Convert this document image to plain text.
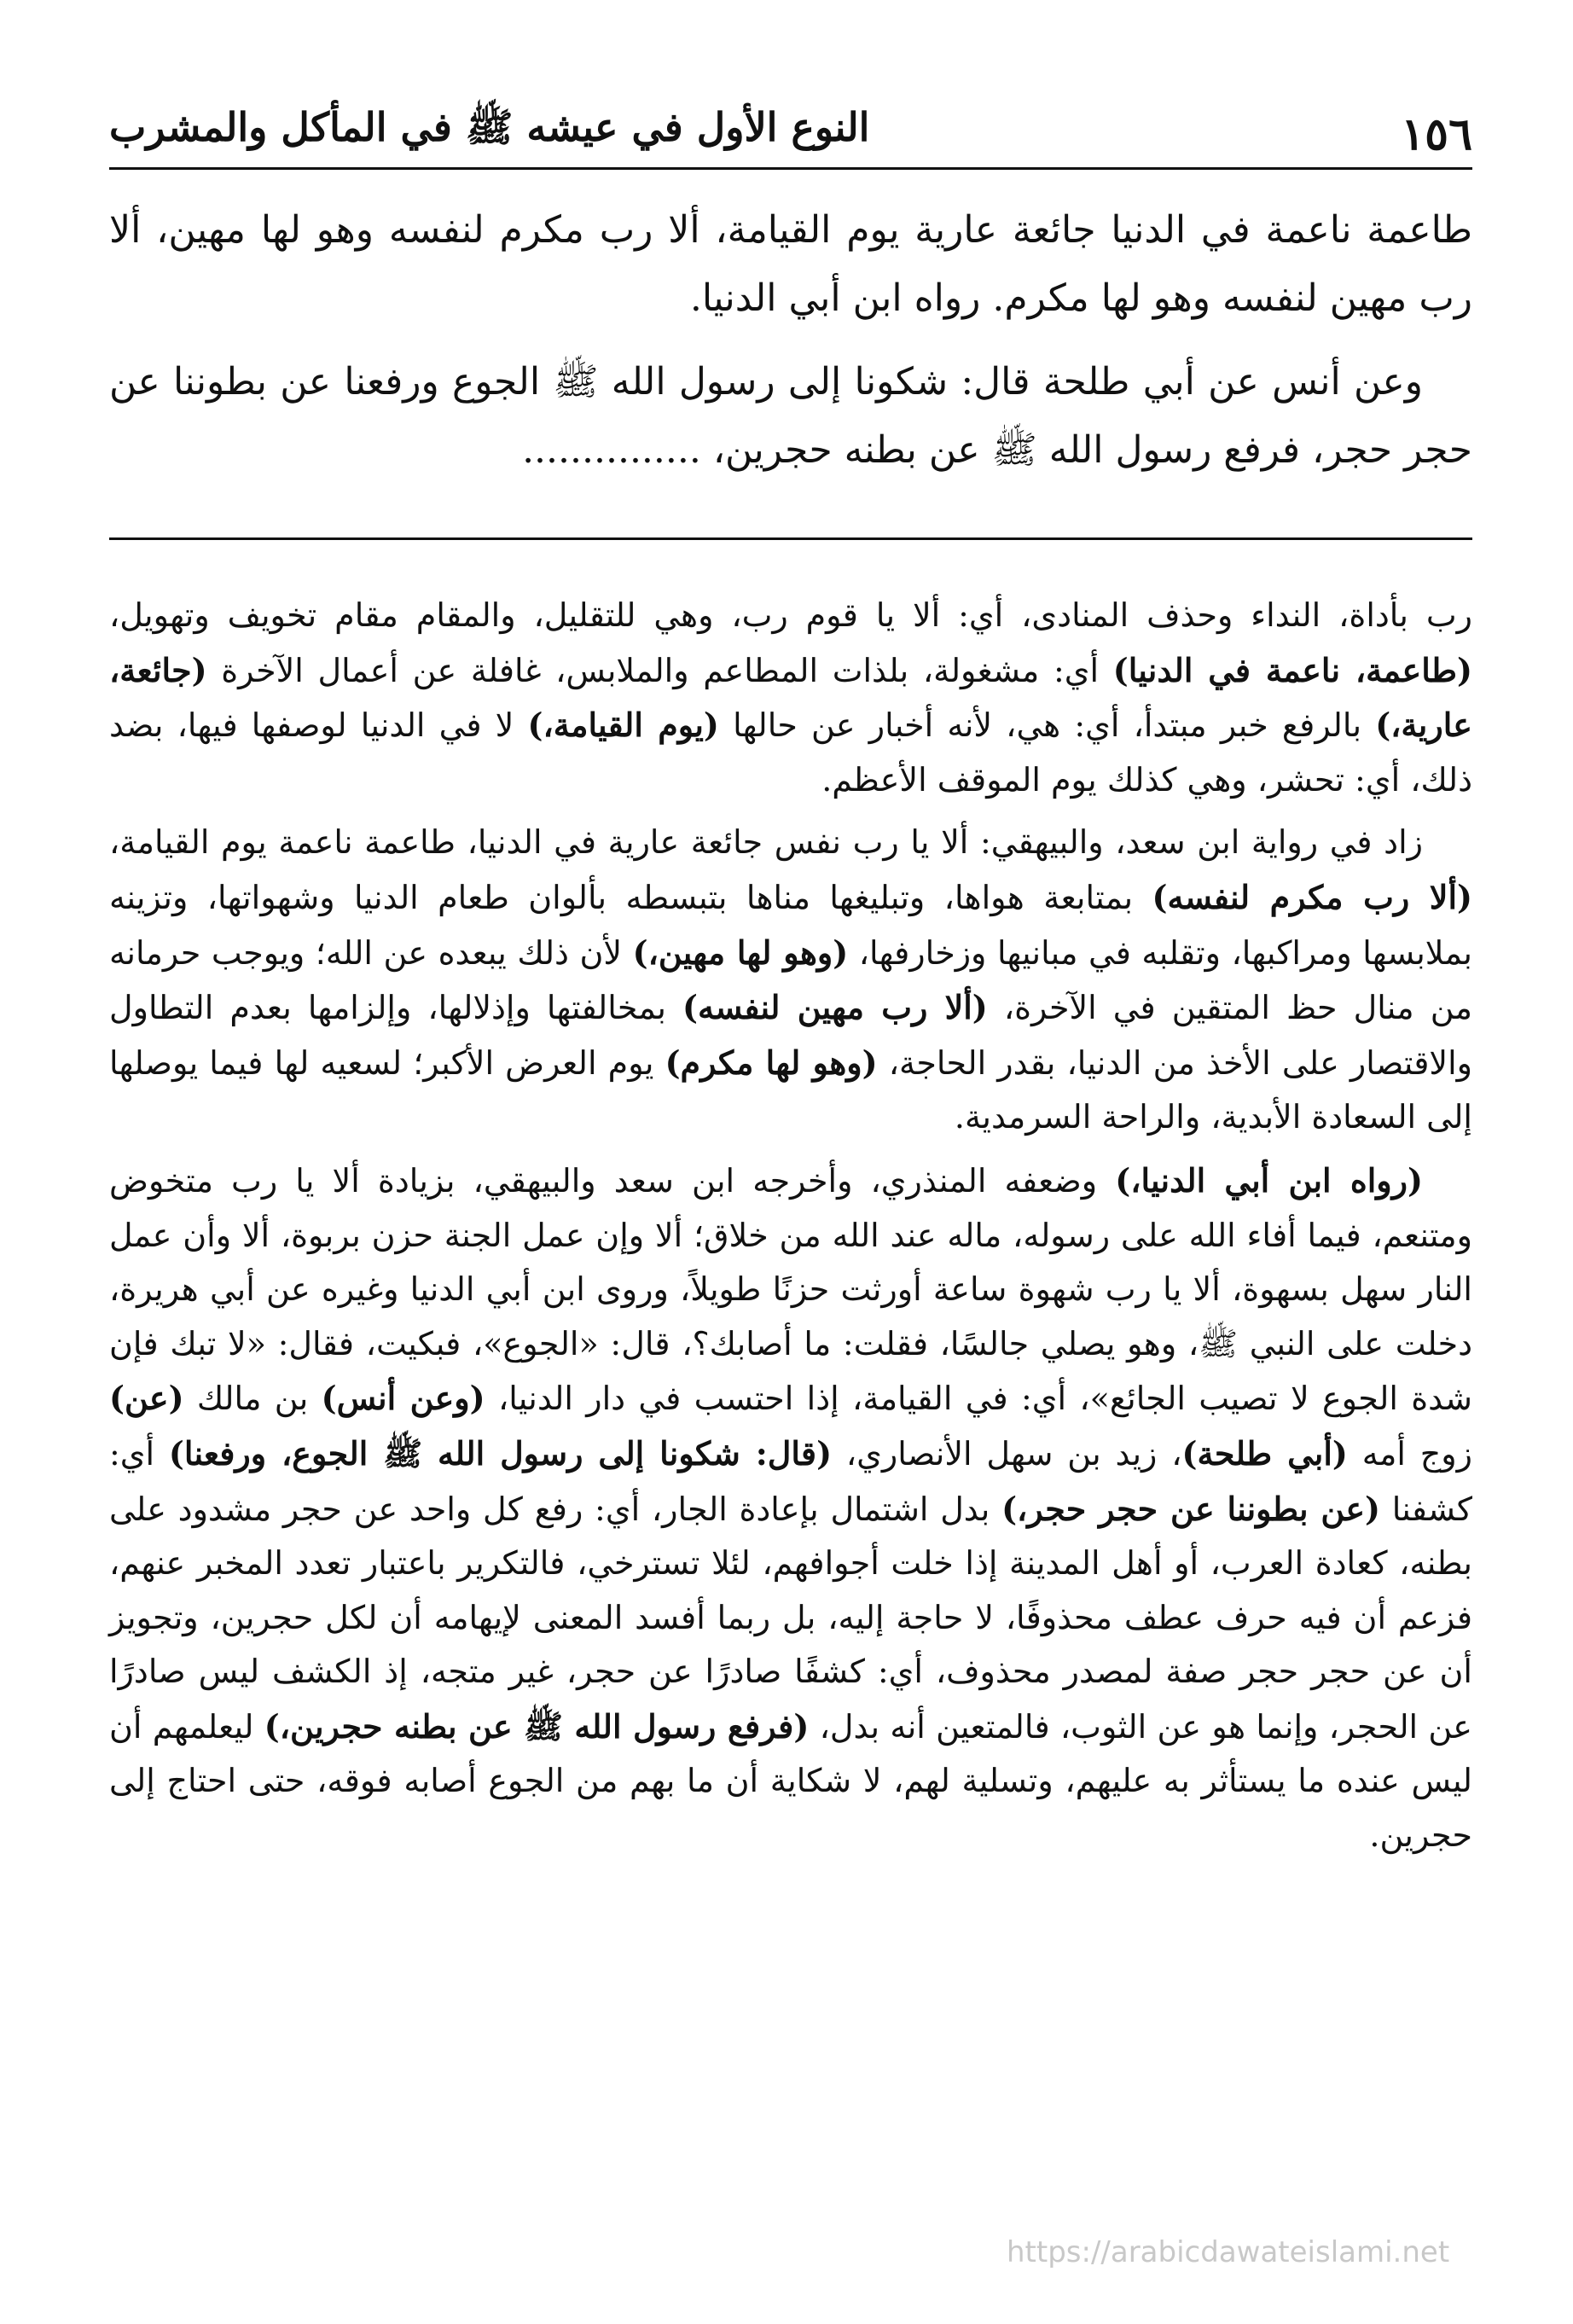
١٥٦
النوع الأول في عيشه ﷺ في المأكل والمشرب

طاعمة ناعمة في الدنيا جائعة عارية يوم القيامة، ألا رب مكرم لنفسه وهو لها مهين، ألا رب مهين لنفسه وهو لها مكرم. رواه ابن أبي الدنيا.

وعن أنس عن أبي طلحة قال: شكونا إلى رسول الله ﷺ الجوع ورفعنا عن بطوننا عن حجر حجر، فرفع رسول الله ﷺ عن بطنه حجرين، ...............

رب بأداة، النداء وحذف المنادى، أي: ألا يا قوم رب، وهي للتقليل، والمقام مقام تخويف وتهويل، (طاعمة، ناعمة في الدنيا) أي: مشغولة، بلذات المطاعم والملابس، غافلة عن أعمال الآخرة (جائعة، عارية،) بالرفع خبر مبتدأ، أي: هي، لأنه أخبار عن حالها (يوم القيامة،) لا في الدنيا لوصفها فيها، بضد ذلك، أي: تحشر، وهي كذلك يوم الموقف الأعظم.

زاد في رواية ابن سعد، والبيهقي: ألا يا رب نفس جائعة عارية في الدنيا، طاعمة ناعمة يوم القيامة، (ألا رب مكرم لنفسه) بمتابعة هواها، وتبليغها مناها بتبسطه بألوان طعام الدنيا وشهواتها، وتزينه بملابسها ومراكبها، وتقلبه في مبانيها وزخارفها، (وهو لها مهين،) لأن ذلك يبعده عن الله؛ ويوجب حرمانه من منال حظ المتقين في الآخرة، (ألا رب مهين لنفسه) بمخالفتها وإذلالها، وإلزامها بعدم التطاول والاقتصار على الأخذ من الدنيا، بقدر الحاجة، (وهو لها مكرم) يوم العرض الأكبر؛ لسعيه لها فيما يوصلها إلى السعادة الأبدية، والراحة السرمدية.

(رواه ابن أبي الدنيا،) وضعفه المنذري، وأخرجه ابن سعد والبيهقي، بزيادة ألا يا رب متخوض ومتنعم، فيما أفاء الله على رسوله، ماله عند الله من خلاق؛ ألا وإن عمل الجنة حزن بربوة، ألا وأن عمل النار سهل بسهوة، ألا يا رب شهوة ساعة أورثت حزنًا طويلاً، وروى ابن أبي الدنيا وغيره عن أبي هريرة، دخلت على النبي ﷺ، وهو يصلي جالسًا، فقلت: ما أصابك؟، قال: «الجوع»، فبكيت، فقال: «لا تبك فإن شدة الجوع لا تصيب الجائع»، أي: في القيامة، إذا احتسب في دار الدنيا، (وعن أنس) بن مالك (عن) زوج أمه (أبي طلحة)، زيد بن سهل الأنصاري، (قال: شكونا إلى رسول الله ﷺ الجوع، ورفعنا) أي: كشفنا (عن بطوننا عن حجر حجر،) بدل اشتمال بإعادة الجار، أي: رفع كل واحد عن حجر مشدود على بطنه، كعادة العرب، أو أهل المدينة إذا خلت أجوافهم، لئلا تسترخي، فالتكرير باعتبار تعدد المخبر عنهم، فزعم أن فيه حرف عطف محذوفًا، لا حاجة إليه، بل ربما أفسد المعنى لإيهامه أن لكل حجرين، وتجويز أن عن حجر حجر صفة لمصدر محذوف، أي: كشفًا صادرًا عن حجر، غير متجه، إذ الكشف ليس صادرًا عن الحجر، وإنما هو عن الثوب، فالمتعين أنه بدل، (فرفع رسول الله ﷺ عن بطنه حجرين،) ليعلمهم أن ليس عنده ما يستأثر به عليهم، وتسلية لهم، لا شكاية أن ما بهم من الجوع أصابه فوقه، حتى احتاج إلى حجرين.

https://arabicdawateislami.net
